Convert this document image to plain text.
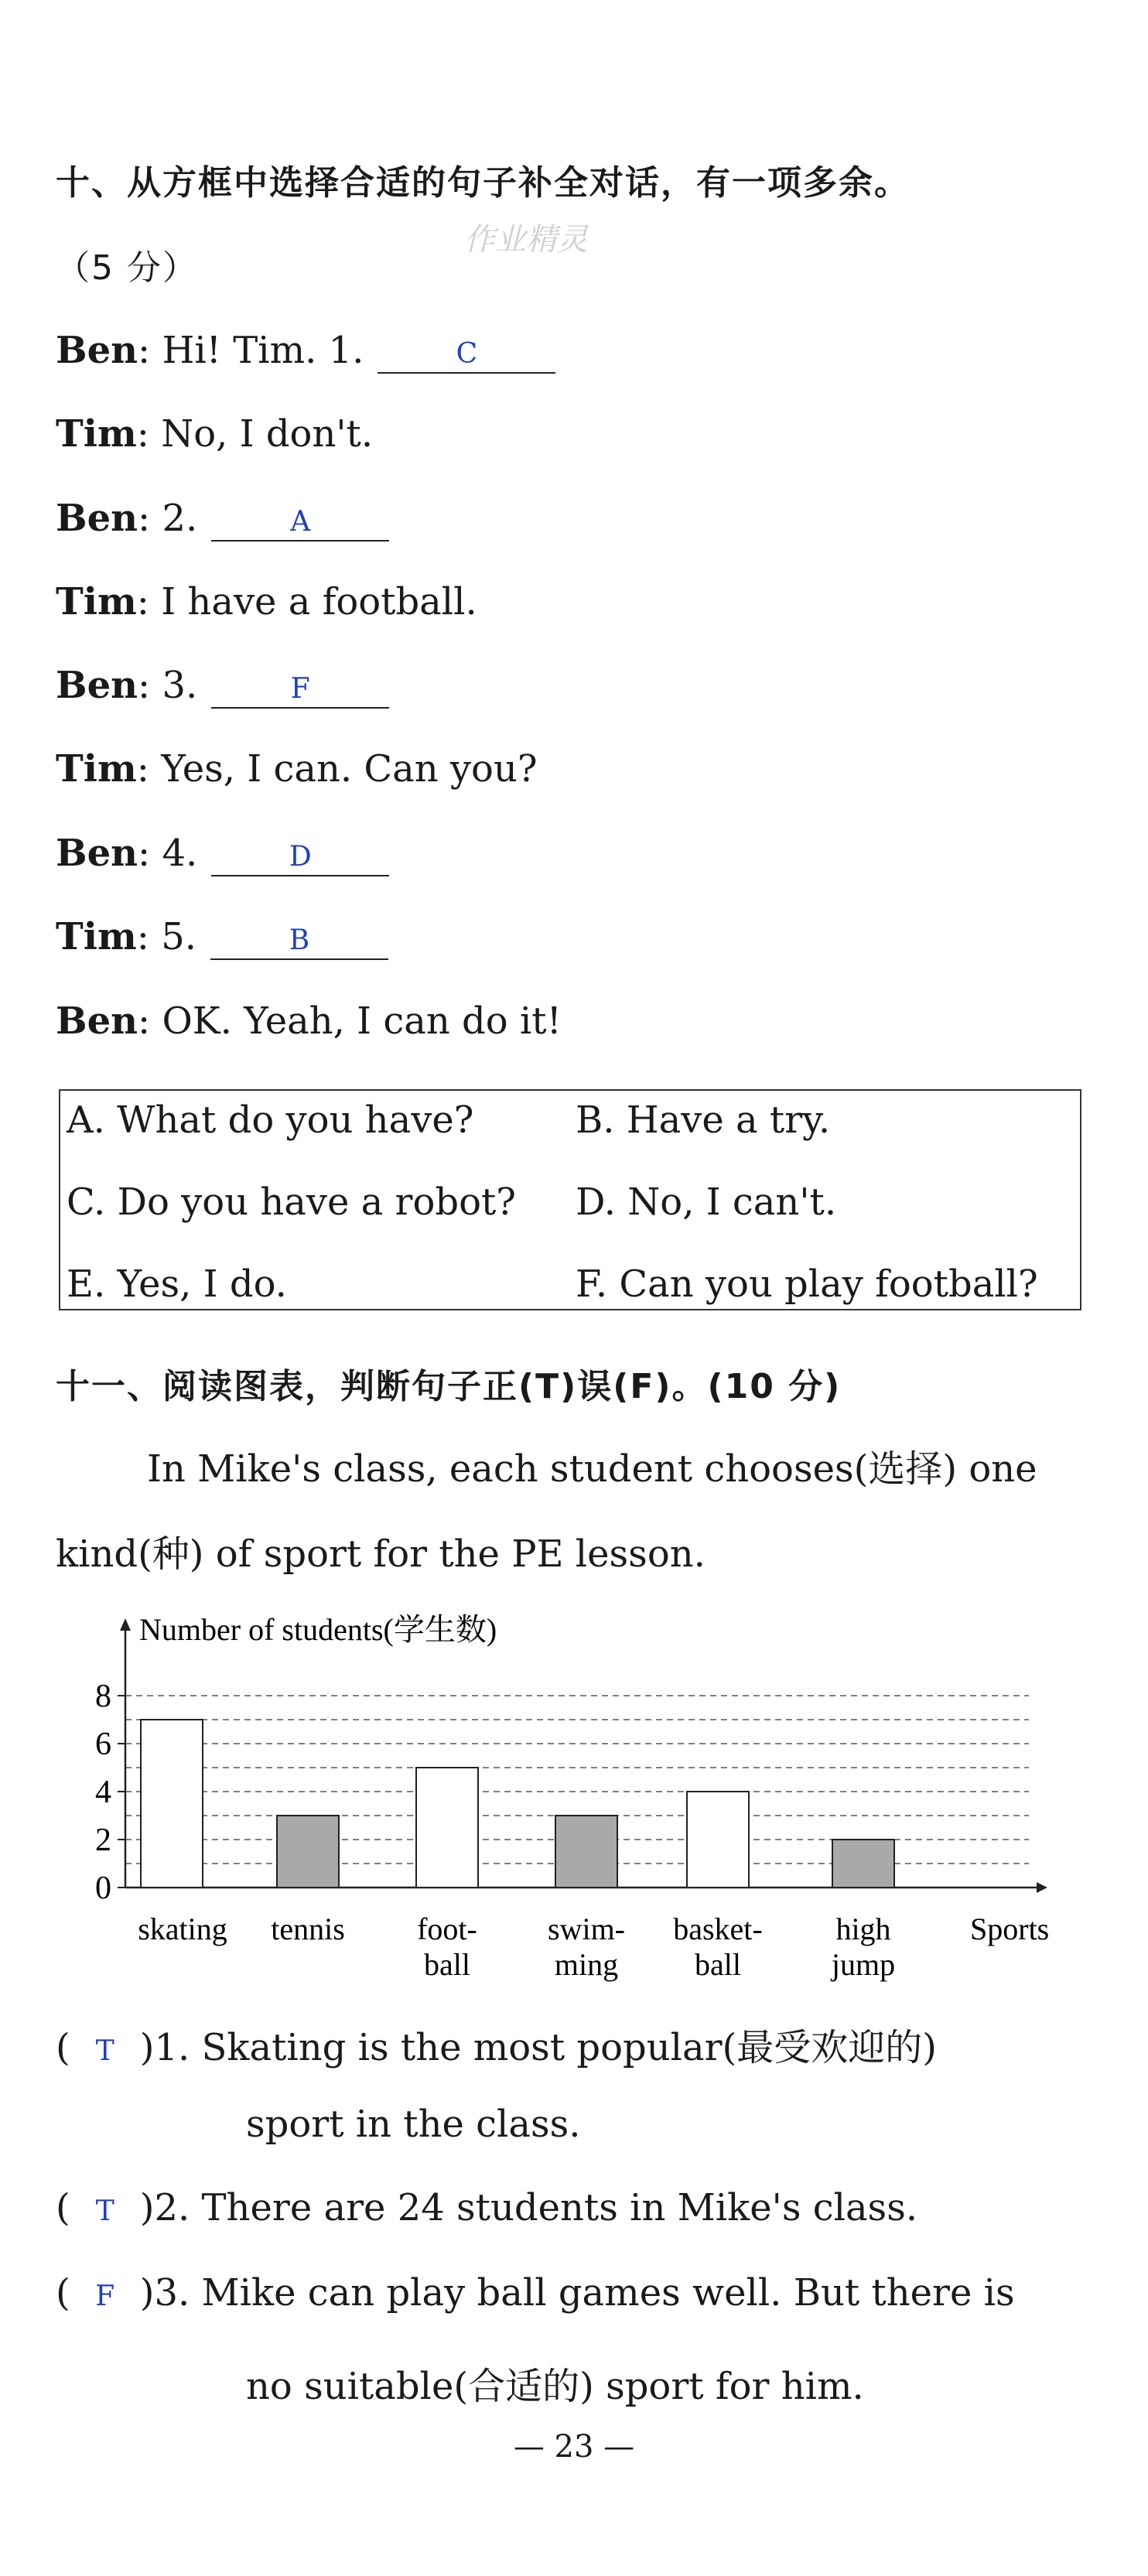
十、从方框中选择合适的句子补全对话，有一项多余。
（5 分）
作业精灵
Ben: Hi! Tim. 1.	C
Tim: No, I don't.
Ben: 2.	A
Tim: I have a football.
Ben: 3.	F
Tim: Yes, I can. Can you?
Ben: 4.	D
Tim: 5.	B
Ben: OK. Yeah, I can do it!
A. What do you have?	B. Have a try.
C. Do you have a robot? D. No, I can't.
E. Yes, I do.	F. Can you play football?
十一、阅读图表，判断句子正(T)误(F)。(10 分)
In Mike's class, each student chooses(选择) one
kind(种) of sport for the PE lesson.
0
2
4
6
8
Number of students(学生数)
Sports
skating tennis foot-
ball
swim-
ming
basket-
ball
high
jump
( T )1. Skating is the most popular(最受欢迎的)
sport in the class.
( T )2. There are 24 students in Mike's class.
( F )3. Mike can play ball games well. But there is
no suitable(合适的) sport for him.
— 23 —
